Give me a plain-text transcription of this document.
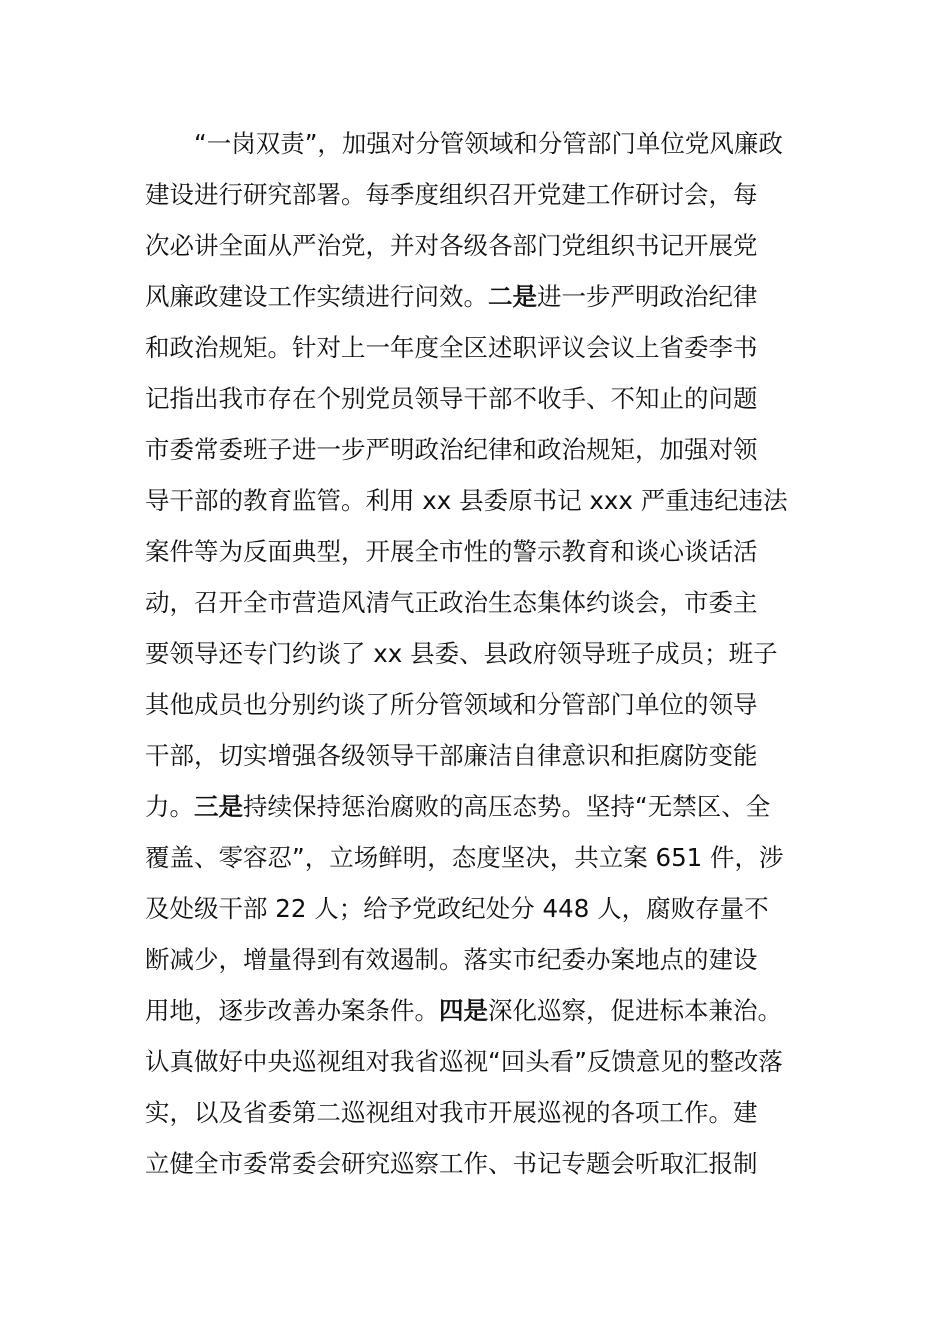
“一岗双责”，加强对分管领域和分管部门单位党风廉政
建设进行研究部署。每季度组织召开党建工作研讨会，每
次必讲全面从严治党，并对各级各部门党组织书记开展党
风廉政建设工作实绩进行问效。二是进一步严明政治纪律
和政治规矩。针对上一年度全区述职评议会议上省委李书
记指出我市存在个别党员领导干部不收手、不知止的问题
市委常委班子进一步严明政治纪律和政治规矩，加强对领
导干部的教育监管。利用 xx 县委原书记 xxx 严重违纪违法
案件等为反面典型，开展全市性的警示教育和谈心谈话活
动，召开全市营造风清气正政治生态集体约谈会，市委主
要领导还专门约谈了 xx 县委、县政府领导班子成员；班子
其他成员也分别约谈了所分管领域和分管部门单位的领导
干部，切实增强各级领导干部廉洁自律意识和拒腐防变能
力。三是持续保持惩治腐败的高压态势。坚持“无禁区、全
覆盖、零容忍”，立场鲜明，态度坚决，共立案 651 件，涉
及处级干部 22 人；给予党政纪处分 448 人，腐败存量不
断减少，增量得到有效遏制。落实市纪委办案地点的建设
用地，逐步改善办案条件。四是深化巡察，促进标本兼治。
认真做好中央巡视组对我省巡视“回头看”反馈意见的整改落
实，以及省委第二巡视组对我市开展巡视的各项工作。建
立健全市委常委会研究巡察工作、书记专题会听取汇报制
